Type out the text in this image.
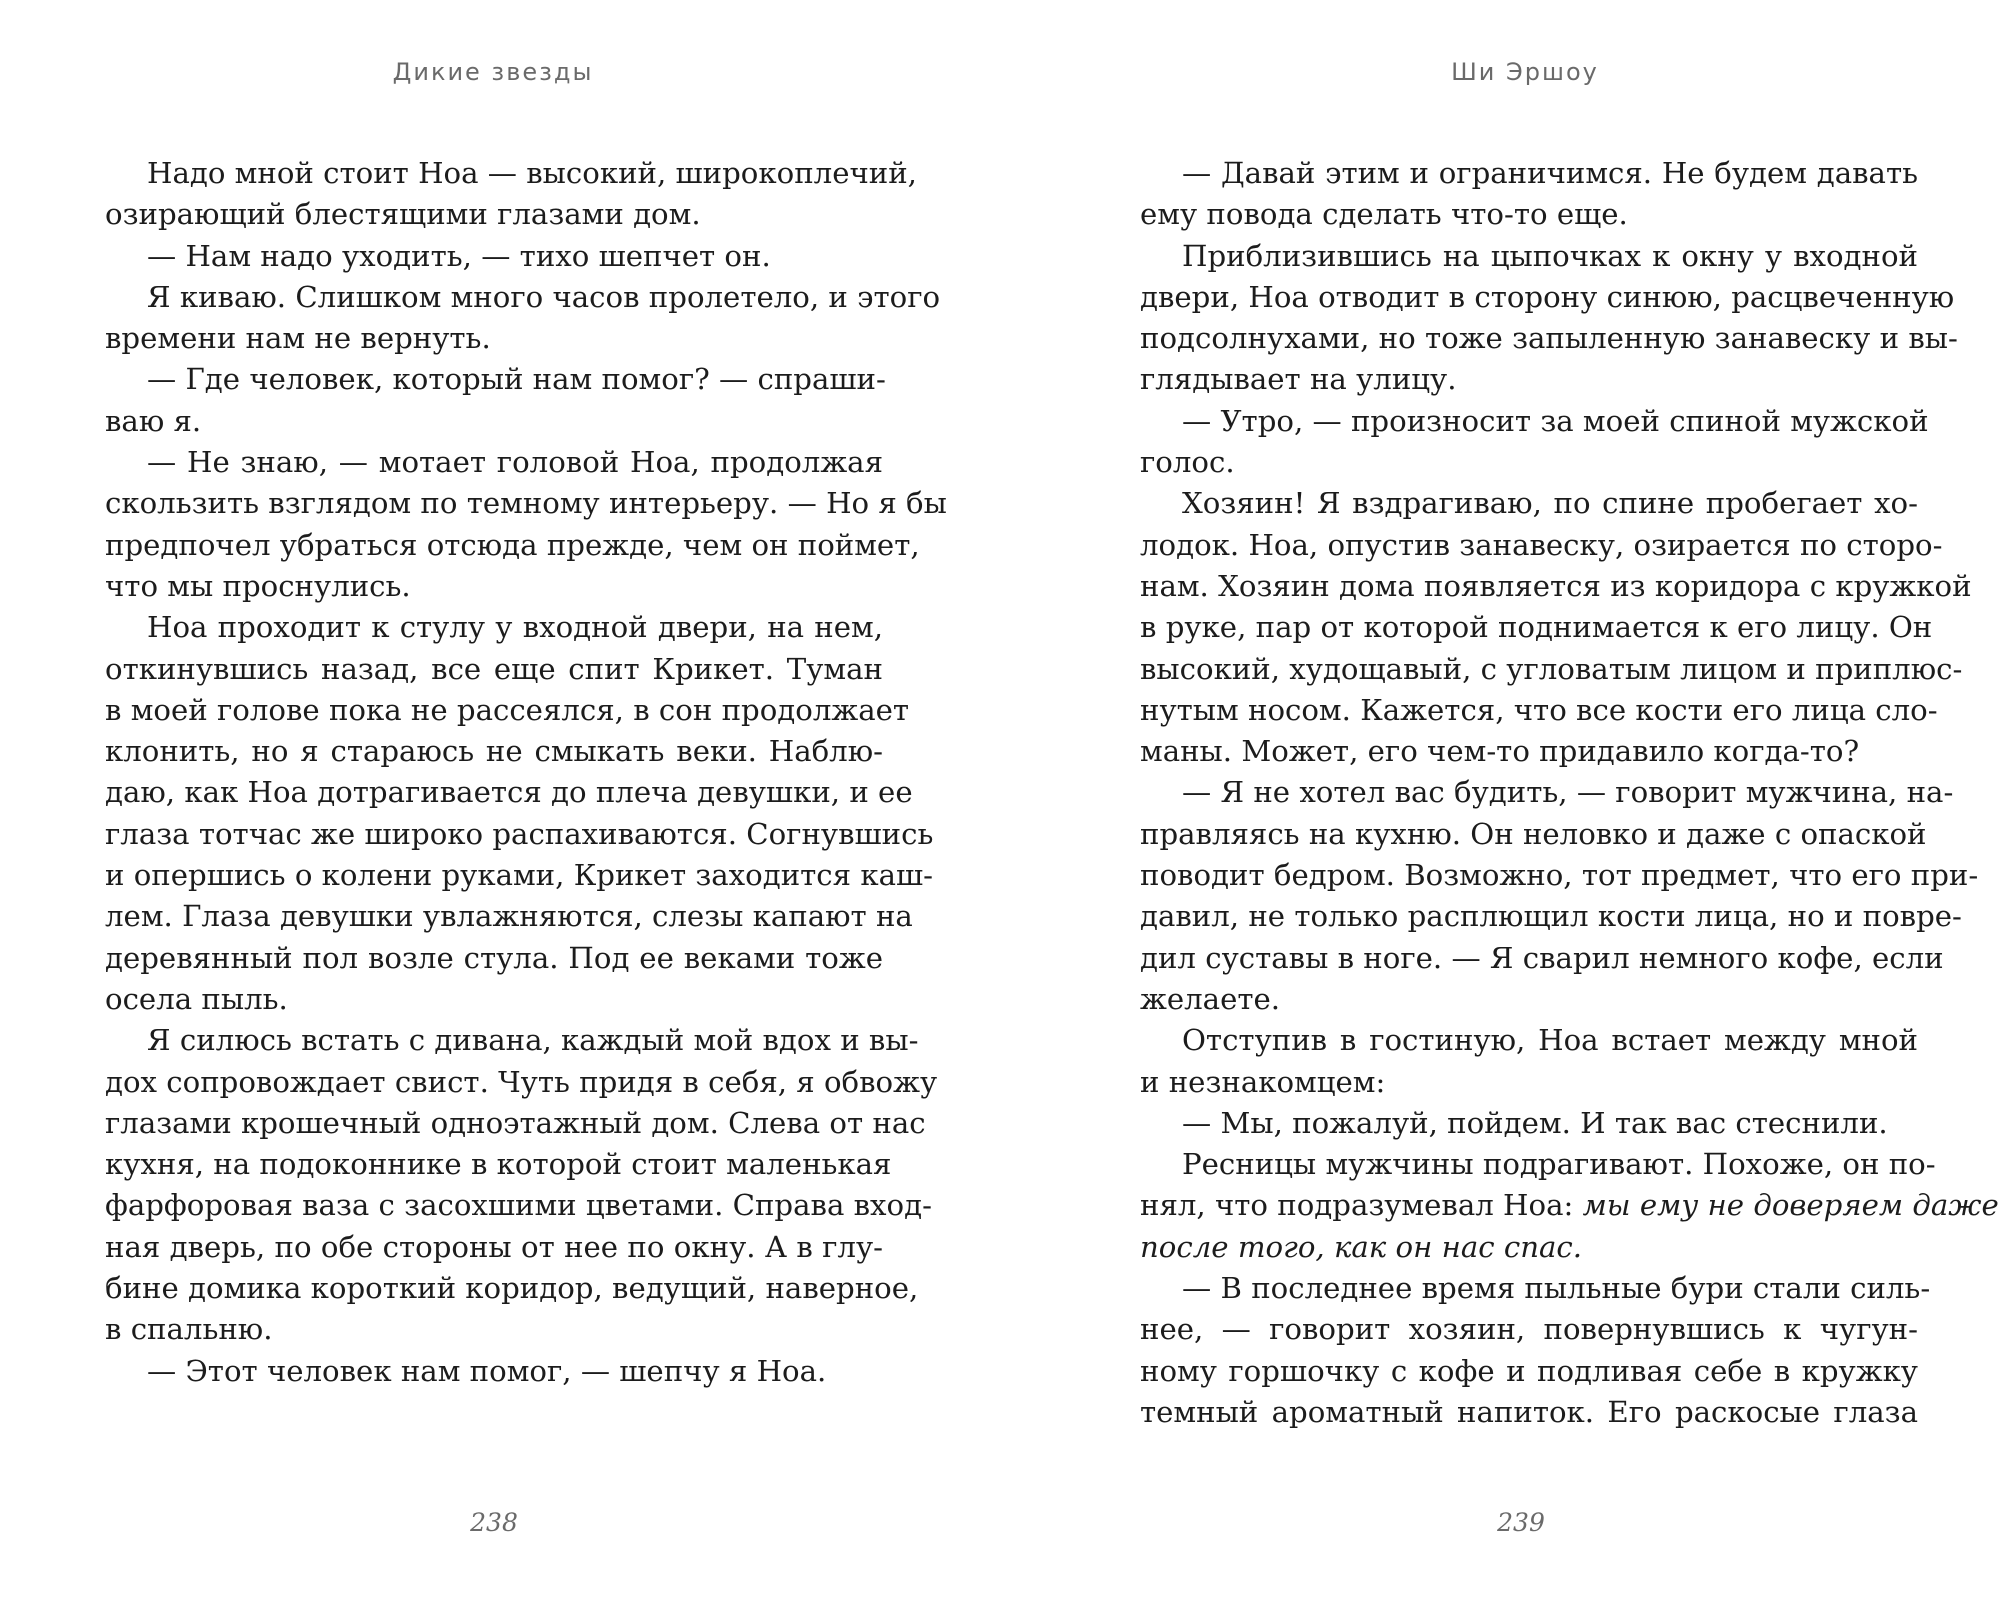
Дикие звезды
Надо мной стоит Ноа — высокий, широкоплечий,
озирающий блестящими глазами дом.
— Нам надо уходить, — тихо шепчет он.
Я киваю. Слишком много часов пролетело, и этого
времени нам не вернуть.
— Где человек, который нам помог? — спраши-
ваю я.
— Не знаю, — мотает головой Ноа, продолжая
скользить взглядом по темному интерьеру. — Но я бы
предпочел убраться отсюда прежде, чем он поймет,
что мы проснулись.
Ноа проходит к стулу у входной двери, на нем,
откинувшись назад, все еще спит Крикет. Туман
в моей голове пока не рассеялся, в сон продолжает
клонить, но я стараюсь не смыкать веки. Наблю-
даю, как Ноа дотрагивается до плеча девушки, и ее
глаза тотчас же широко распахиваются. Согнувшись
и опершись о колени руками, Крикет заходится каш-
лем. Глаза девушки увлажняются, слезы капают на
деревянный пол возле стула. Под ее веками тоже
осела пыль.
Я силюсь встать с дивана, каждый мой вдох и вы-
дох сопровождает свист. Чуть придя в себя, я обвожу
глазами крошечный одноэтажный дом. Слева от нас
кухня, на подоконнике в которой стоит маленькая
фарфоровая ваза с засохшими цветами. Справа вход-
ная дверь, по обе стороны от нее по окну. А в глу-
бине домика короткий коридор, ведущий, наверное,
в спальню.
— Этот человек нам помог, — шепчу я Ноа.
238
Ши Эршоу
— Давай этим и ограничимся. Не будем давать
ему повода сделать что-то еще.
Приблизившись на цыпочках к окну у входной
двери, Ноа отводит в сторону синюю, расцвеченную
подсолнухами, но тоже запыленную занавеску и вы-
глядывает на улицу.
— Утро, — произносит за моей спиной мужской
голос.
Хозяин! Я вздрагиваю, по спине пробегает хо-
лодок. Ноа, опустив занавеску, озирается по сторо-
нам. Хозяин дома появляется из коридора с кружкой
в руке, пар от которой поднимается к его лицу. Он
высокий, худощавый, с угловатым лицом и приплюс-
нутым носом. Кажется, что все кости его лица сло-
маны. Может, его чем-то придавило когда-то?
— Я не хотел вас будить, — говорит мужчина, на-
правляясь на кухню. Он неловко и даже с опаской
поводит бедром. Возможно, тот предмет, что его при-
давил, не только расплющил кости лица, но и повре-
дил суставы в ноге. — Я сварил немного кофе, если
желаете.
Отступив в гостиную, Ноа встает между мной
и незнакомцем:
— Мы, пожалуй, пойдем. И так вас стеснили.
Ресницы мужчины подрагивают. Похоже, он по-
нял, что подразумевал Ноа: мы ему не доверяем даже
после того, как он нас спас.
— В последнее время пыльные бури стали силь-
нее, — говорит хозяин, повернувшись к чугун-
ному горшочку с кофе и подливая себе в кружку
темный ароматный напиток. Его раскосые глаза
239
